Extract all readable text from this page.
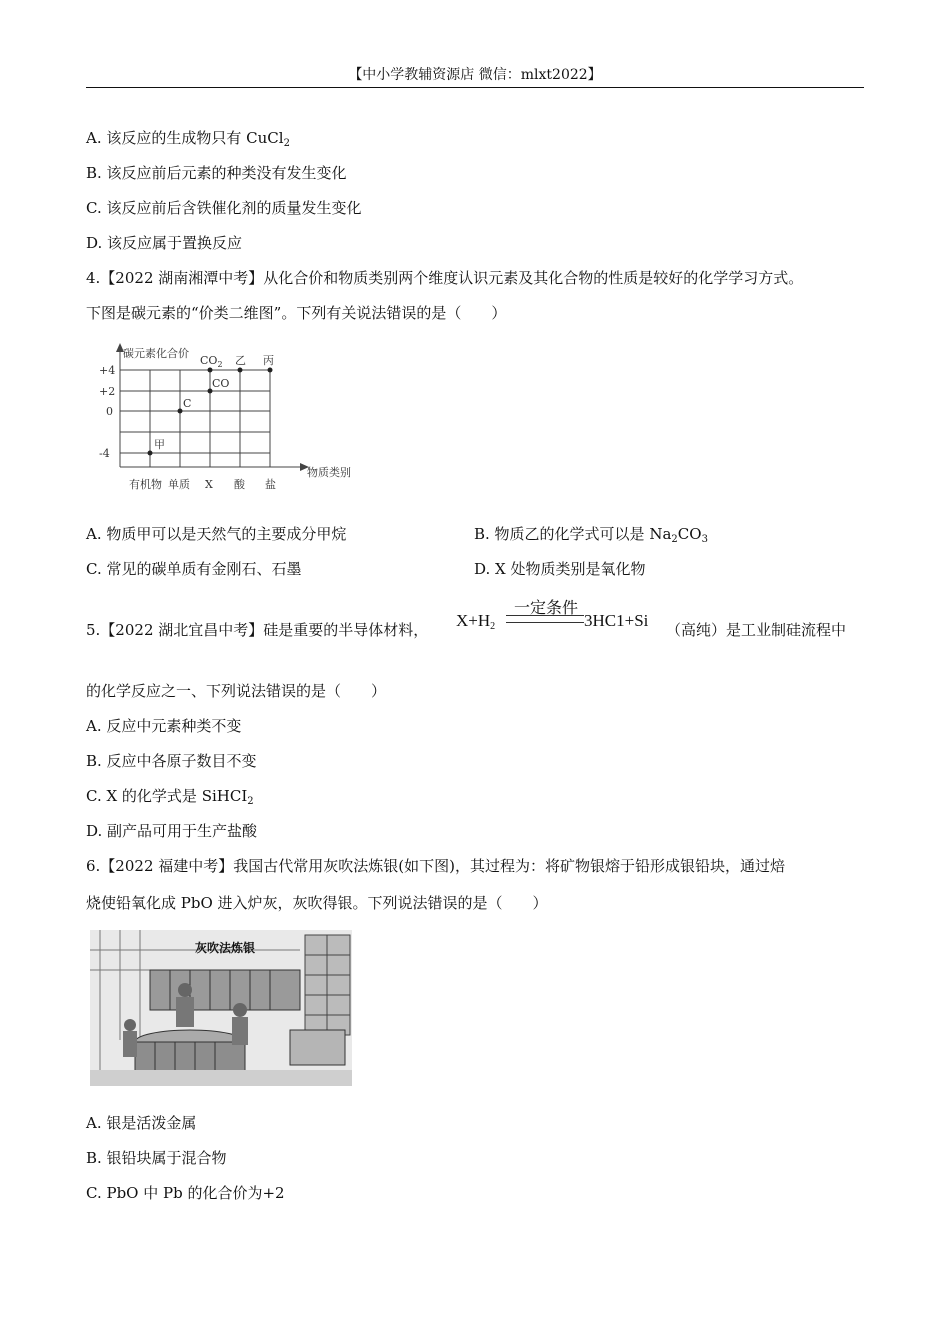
【中小学教辅资源店 微信：mlxt2022】
A. 该反应的生成物只有 CuCl$_2$
B. 该反应前后元素的种类没有发生变化
C. 该反应前后含铁催化剂的质量发生变化
D. 该反应属于置换反应
4.【2022 湖南湘潭中考】从化合价和物质类别两个维度认识元素及其化合物的性质是较好的化学学习方式。
下图是碳元素的“价类二维图”。下列有关说法错误的是（　　）
碳元素化合价
物质类别
+4
+2
0
-4
有机物 单质 X 酸 盐
甲
C
CO
$CO_2$ 乙 丙
A. 物质甲可以是天然气的主要成分甲烷	B. 物质乙的化学式可以是 $Na_2CO_3$
C. 常见的碳单质有金刚石、石墨	D. X 处物质类别是氧化物
5.【2022 湖北宜昌中考】硅是重要的半导体材料，
一定条件
$X+H_2$	3HC1+Si （高纯）是工业制硅流程中
的化学反应之一、下列说法错误的是（　　）
A. 反应中元素种类不变
B. 反应中各原子数目不变
C. X 的化学式是 SiHCI$_2$
D. 副产品可用于生产盐酸
6.【2022 福建中考】我国古代常用灰吹法炼银(如下图)，其过程为：将矿物银熔于铅形成银铅块，通过焙
烧使铅氧化成 PbO 进入炉灰，灰吹得银。下列说法错误的是（　　）
灰吹法炼银
A. 银是活泼金属
B. 银铅块属于混合物
C. PbO 中 Pb 的化合价为+2
